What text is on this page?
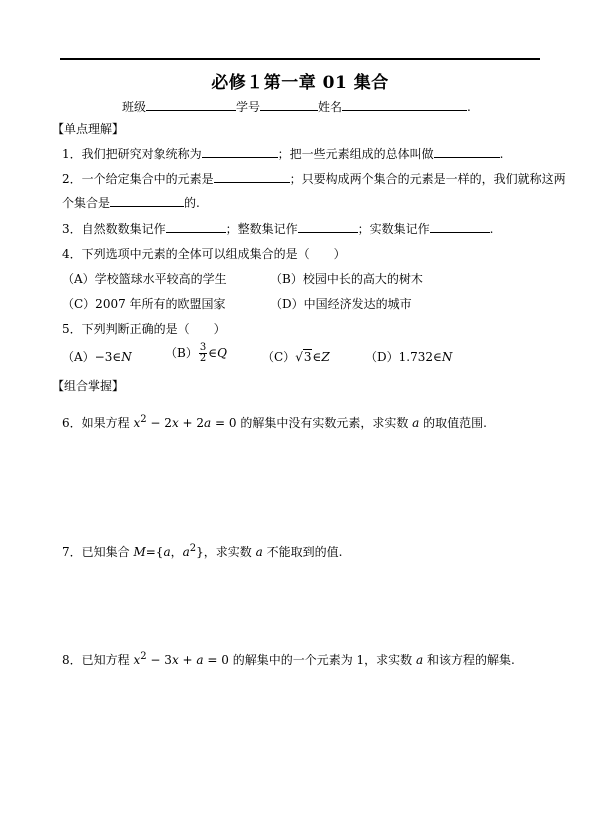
必修１第一章 01 集合
班级	学号	姓名	.
【单点理解】
1．我们把研究对象统称为	；把一些元素组成的总体叫做	.
2．一个给定集合中的元素是	；只要构成两个集合的元素是一样的，我们就称这两
个集合是	的.
3．自然数数集记作	；整数集记作	；实数集记作	.
4．下列选项中元素的全体可以组成集合的是（　　）
（A）学校篮球水平较高的学生	（B）校园中长的高大的树木
（C）2007 年所有的欧盟国家	（D）中国经济发达的城市
5．下列判断正确的是（　　）
（A）−3∈N	$(B) \frac{3}{2}$ ∈Q	（C）√3∈Z	（D）1.732∈N
【组合掌握】
6．如果方程 $x^2 - 2x + 2a = 0$ 的解集中没有实数元素，求实数 a 的取值范围.
7．已知集合 M={a，$a^2$}，求实数 a 不能取到的值.
8．已知方程 $x^2 - 3x + a = 0$ 的解集中的一个元素为 1，求实数 a 和该方程的解集.
